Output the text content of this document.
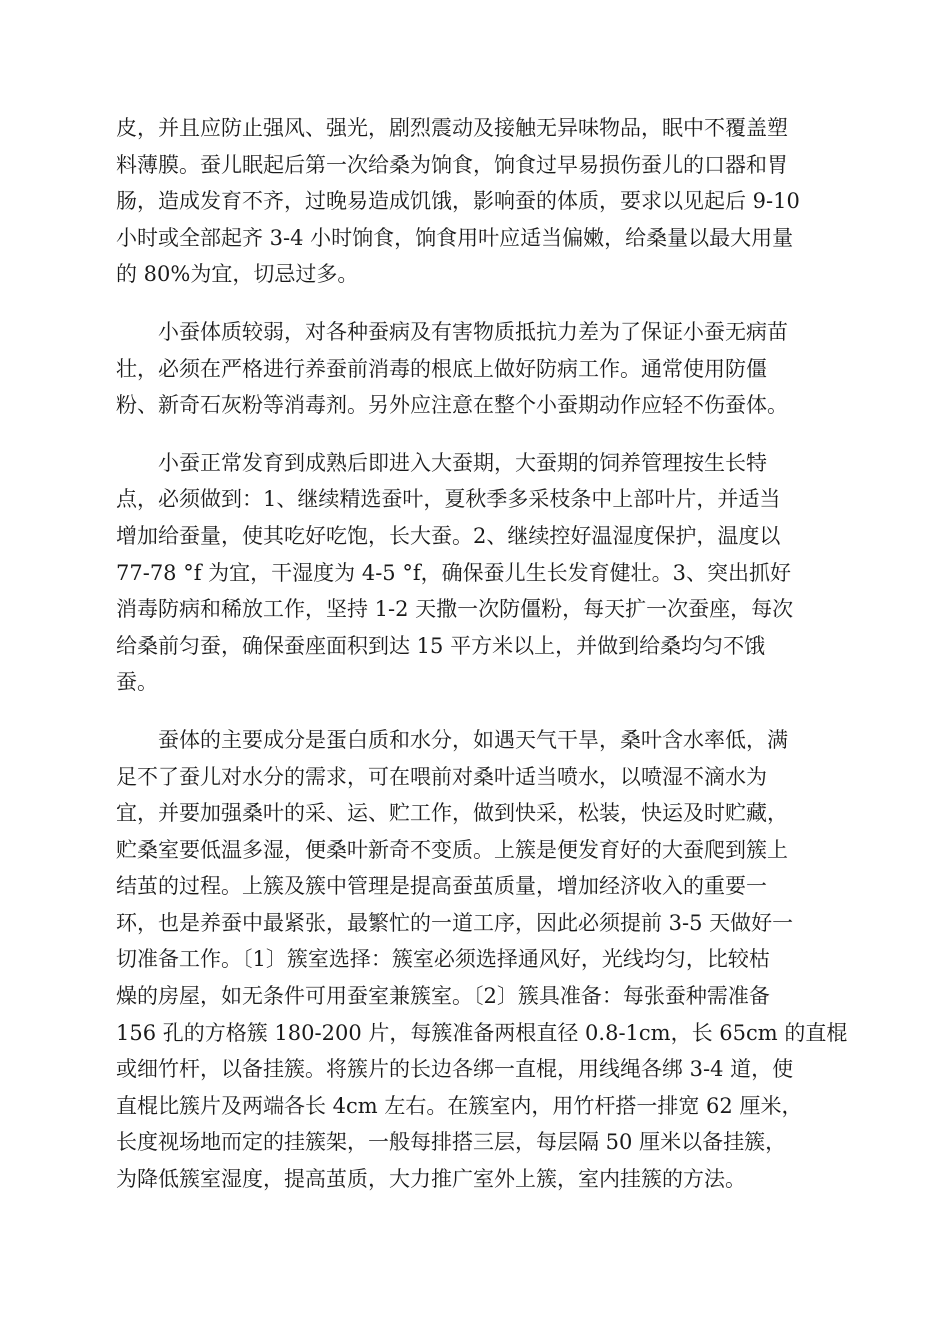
皮，并且应防止强风、强光，剧烈震动及接触无异味物品，眠中不覆盖塑
料薄膜。蚕儿眠起后第一次给桑为饷食，饷食过早易损伤蚕儿的口器和胃
肠，造成发育不齐，过晚易造成饥饿，影响蚕的体质，要求以见起后 9-10
小时或全部起齐 3-4 小时饷食，饷食用叶应适当偏嫩，给桑量以最大用量
的 80%为宜，切忌过多。
小蚕体质较弱，对各种蚕病及有害物质抵抗力差为了保证小蚕无病苗
壮，必须在严格进行养蚕前消毒的根底上做好防病工作。通常使用防僵
粉、新奇石灰粉等消毒剂。另外应注意在整个小蚕期动作应轻不伤蚕体。
小蚕正常发育到成熟后即进入大蚕期，大蚕期的饲养管理按生长特
点，必须做到：1、继续精选蚕叶，夏秋季多采枝条中上部叶片，并适当
增加给蚕量，使其吃好吃饱，长大蚕。2、继续控好温湿度保护，温度以
77-78 °f 为宜，干湿度为 4-5 °f，确保蚕儿生长发育健壮。3、突出抓好
消毒防病和稀放工作，坚持 1-2 天撒一次防僵粉，每天扩一次蚕座，每次
给桑前匀蚕，确保蚕座面积到达 15 平方米以上，并做到给桑均匀不饿
蚕。
蚕体的主要成分是蛋白质和水分，如遇天气干旱，桑叶含水率低，满
足不了蚕儿对水分的需求，可在喂前对桑叶适当喷水，以喷湿不滴水为
宜，并要加强桑叶的采、运、贮工作，做到快采，松装，快运及时贮藏，
贮桑室要低温多湿，便桑叶新奇不变质。上簇是便发育好的大蚕爬到簇上
结茧的过程。上簇及簇中管理是提高蚕茧质量，增加经济收入的重要一
环，也是养蚕中最紧张，最繁忙的一道工序，因此必须提前 3-5 天做好一
切准备工作。〔1〕簇室选择：簇室必须选择通风好，光线均匀，比较枯
燥的房屋，如无条件可用蚕室兼簇室。〔2〕簇具准备：每张蚕种需准备
156 孔的方格簇 180-200 片，每簇准备两根直径 0.8-1cm，长 65cm 的直棍
或细竹杆，以备挂簇。将簇片的长边各绑一直棍，用线绳各绑 3-4 道，使
直棍比簇片及两端各长 4cm 左右。在簇室内，用竹杆搭一排宽 62 厘米，
长度视场地而定的挂簇架，一般每排搭三层，每层隔 50 厘米以备挂簇，
为降低簇室湿度，提高茧质，大力推广室外上簇，室内挂簇的方法。
